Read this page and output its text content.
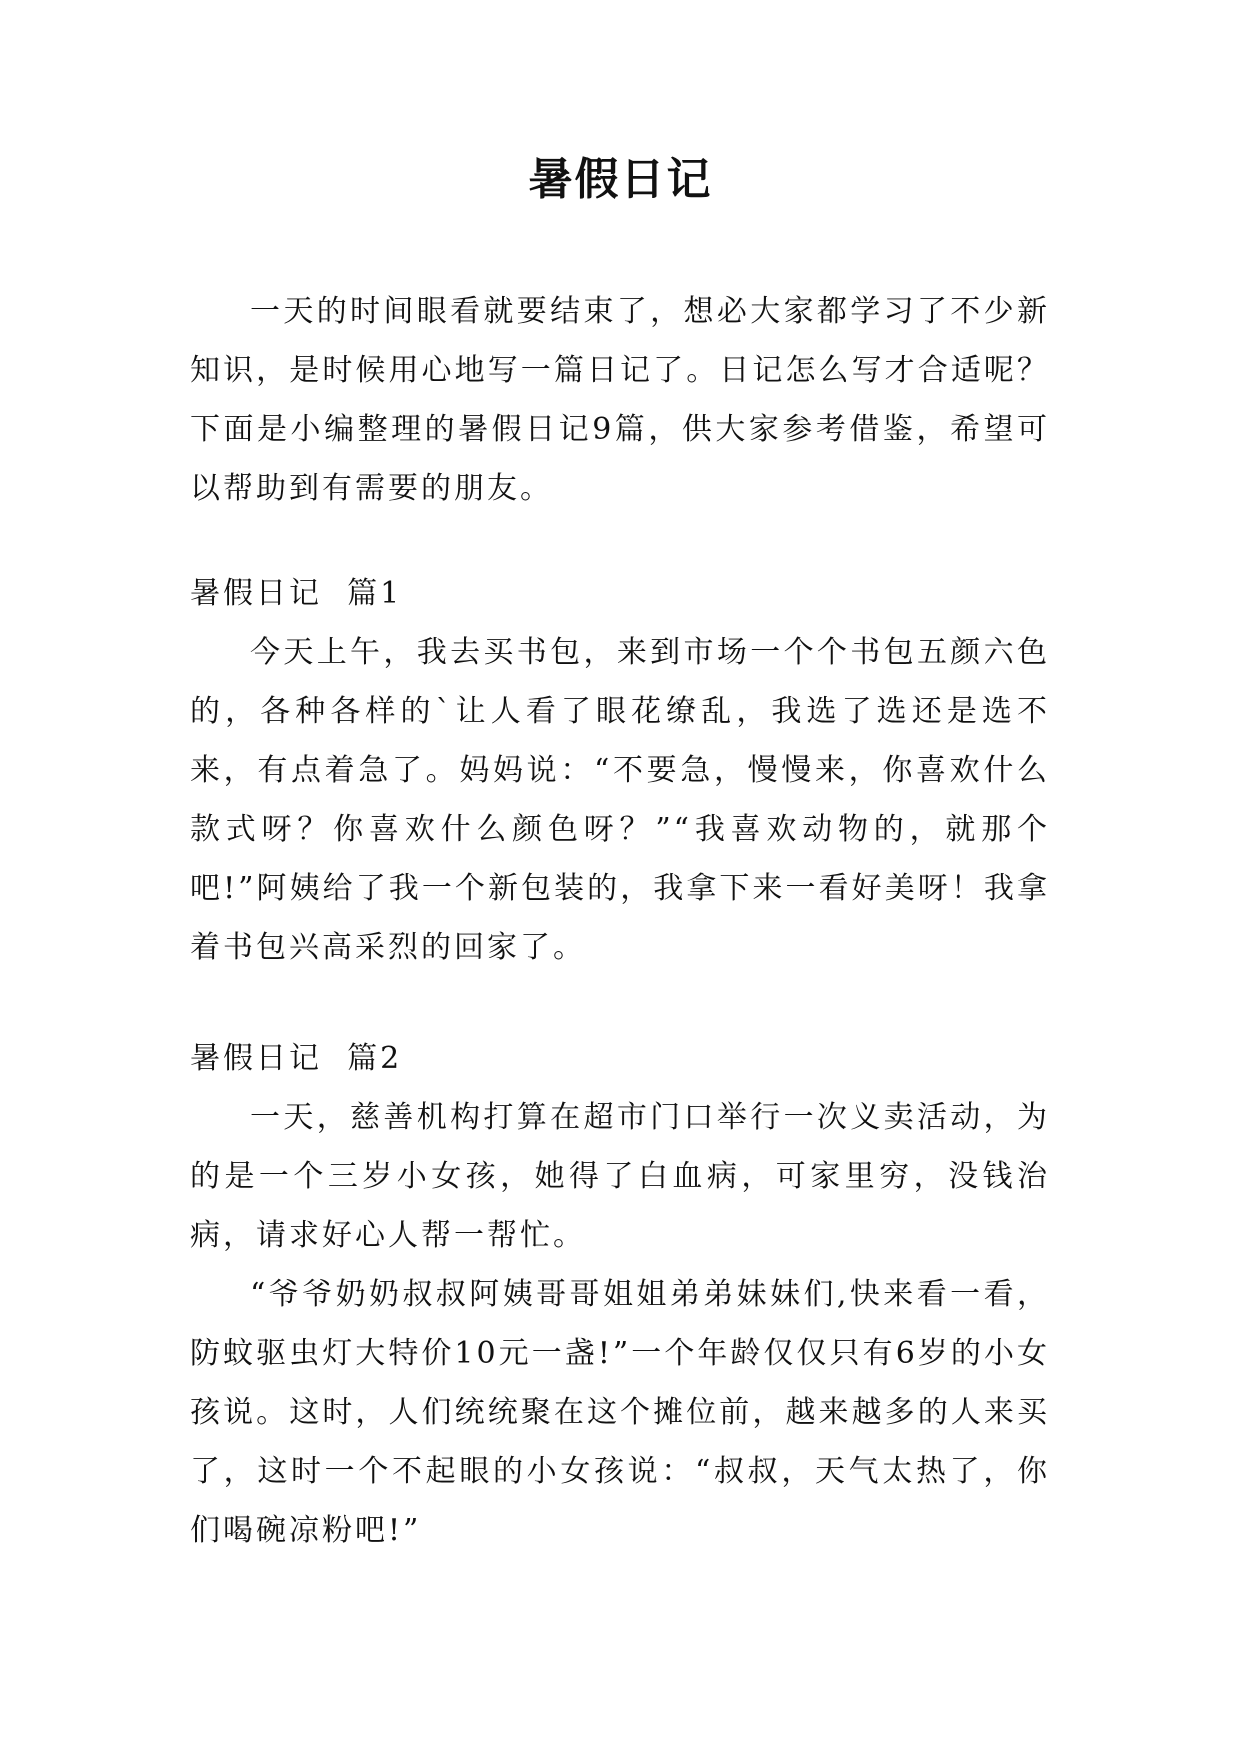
暑假日记

一天的时间眼看就要结束了，想必大家都学习了不少新知识，是时候用心地写一篇日记了。日记怎么写才合适呢？下面是小编整理的暑假日记9篇，供大家参考借鉴，希望可以帮助到有需要的朋友。

暑假日记  篇1

今天上午，我去买书包，来到市场一个个书包五颜六色的，各种各样的`让人看了眼花缭乱，我选了选还是选不来，有点着急了。妈妈说：“不要急，慢慢来，你喜欢什么款式呀？你喜欢什么颜色呀？”“我喜欢动物的，就那个吧!”阿姨给了我一个新包装的，我拿下来一看好美呀！我拿着书包兴高采烈的回家了。

暑假日记  篇2

一天，慈善机构打算在超市门口举行一次义卖活动，为的是一个三岁小女孩，她得了白血病，可家里穷，没钱治病，请求好心人帮一帮忙。

“爷爷奶奶叔叔阿姨哥哥姐姐弟弟妹妹们,快来看一看，防蚊驱虫灯大特价10元一盏!”一个年龄仅仅只有6岁的小女孩说。这时，人们统统聚在这个摊位前，越来越多的人来买了，这时一个不起眼的小女孩说：“叔叔，天气太热了，你们喝碗凉粉吧!”
